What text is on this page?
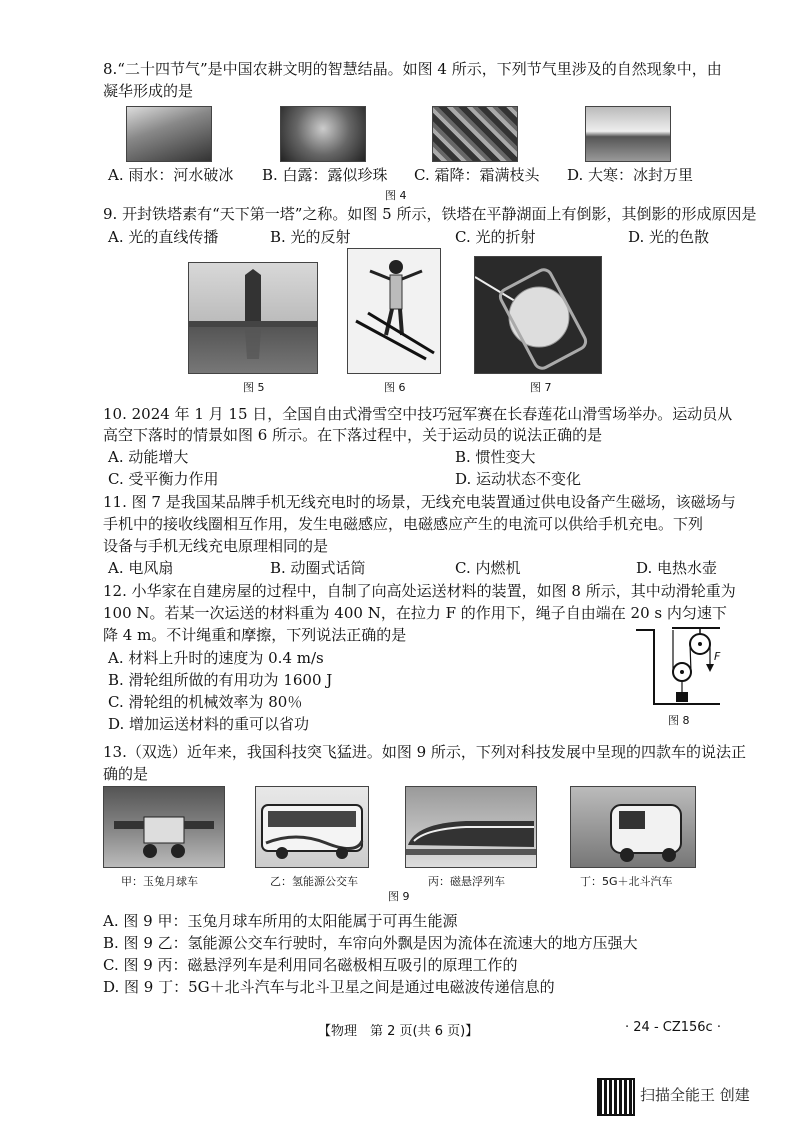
8.“二十四节气”是中国农耕文明的智慧结晶。如图 4 所示，下列节气里涉及的自然现象中，由
凝华形成的是
A. 雨水：河水破冰 B. 白露：露似珍珠 C. 霜降：霜满枝头 D. 大寒：冰封万里
图 4
9. 开封铁塔素有“天下第一塔”之称。如图 5 所示，铁塔在平静湖面上有倒影，其倒影的形成原因是
A. 光的直线传播	B. 光的反射	C. 光的折射	D. 光的色散
图 5	图 6	图 7
10. 2024 年 1 月 15 日，全国自由式滑雪空中技巧冠军赛在长春莲花山滑雪场举办。运动员从
高空下落时的情景如图 6 所示。在下落过程中，关于运动员的说法正确的是
A. 动能增大	B. 惯性变大
C. 受平衡力作用	D. 运动状态不变化
11. 图 7 是我国某品牌手机无线充电时的场景，无线充电装置通过供电设备产生磁场，该磁场与
手机中的接收线圈相互作用，发生电磁感应，电磁感应产生的电流可以供给手机充电。下列
设备与手机无线充电原理相同的是
A. 电风扇	B. 动圈式话筒	C. 内燃机	D. 电热水壶
12. 小华家在自建房屋的过程中，自制了向高处运送材料的装置，如图 8 所示，其中动滑轮重为
100 N。若某一次运送的材料重为 400 N，在拉力 F 的作用下，绳子自由端在 20 s 内匀速下
降 4 m。不计绳重和摩擦，下列说法正确的是
A. 材料上升时的速度为 0.4 m/s
B. 滑轮组所做的有用功为 1600 J
C. 滑轮组的机械效率为 80％
D. 增加运送材料的重可以省功
F
图 8
13.（双选）近年来，我国科技突飞猛进。如图 9 所示，下列对科技发展中呈现的四款车的说法正
确的是
甲：玉兔月球车	乙：氢能源公交车	丙：磁悬浮列车	丁：5G＋北斗汽车
图 9
A. 图 9 甲：玉兔月球车所用的太阳能属于可再生能源
B. 图 9 乙：氢能源公交车行驶时，车帘向外飘是因为流体在流速大的地方压强大
C. 图 9 丙：磁悬浮列车是利用同名磁极相互吸引的原理工作的
D. 图 9 丁：5G＋北斗汽车与北斗卫星之间是通过电磁波传递信息的
【物理　第 2 页(共 6 页)】	· 24 - CZ156c ·
扫描全能王 创建
